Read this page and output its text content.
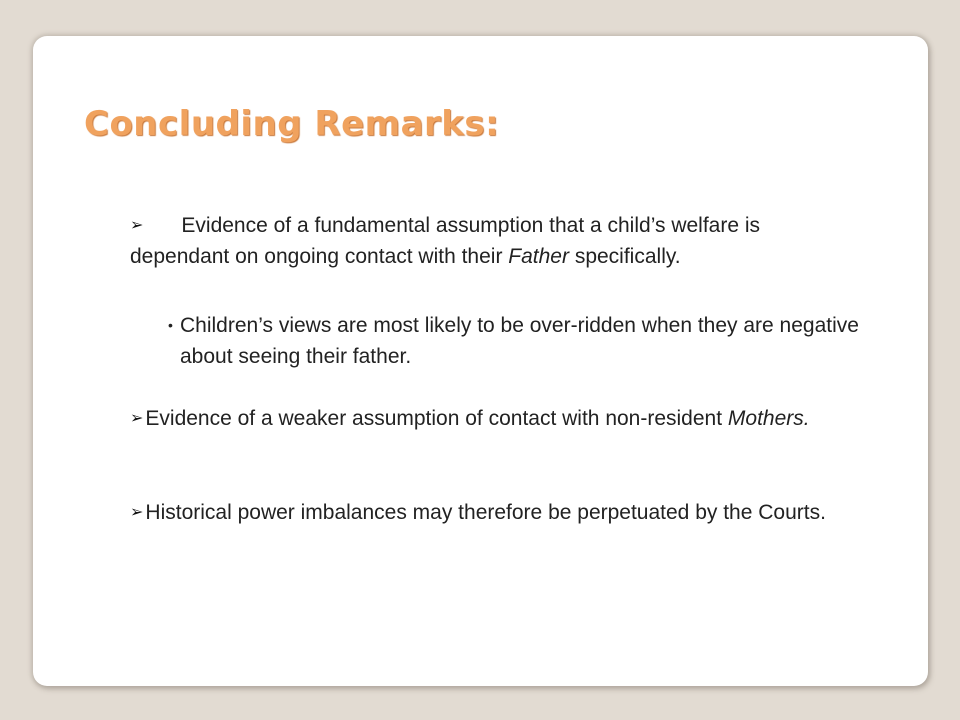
Concluding Remarks:

➢ Evidence of a fundamental assumption that a child’s welfare is dependant on ongoing contact with their Father specifically.

• Children’s views are most likely to be over-ridden when they are negative about seeing their father.

➢Evidence of a weaker assumption of contact with non-resident Mothers.

➢Historical power imbalances may therefore be perpetuated by the Courts.
